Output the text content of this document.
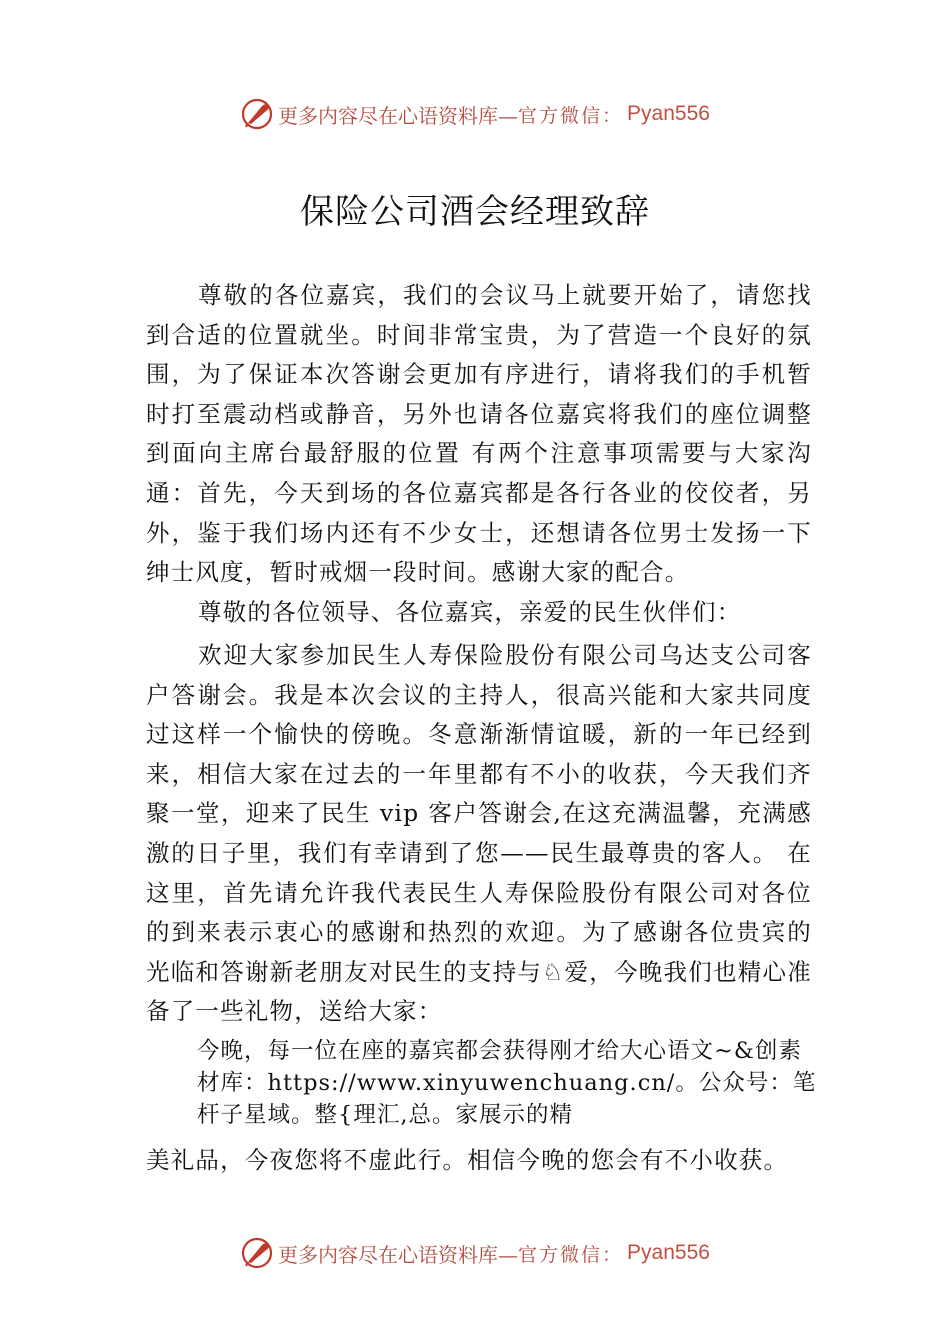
更多内容尽在心语资料库— 官方微信： Pyan556
保险公司酒会经理致辞

尊敬的各位嘉宾，我们的会议马上就要开始了，请您找到合适的位置就坐。时间非常宝贵，为了营造一个良好的氛围，为了保证本次答谢会更加有序进行，请将我们的手机暂时打至震动档或静音，另外也请各位嘉宾将我们的座位调整到面向主席台最舒服的位置 有两个注意事项需要与大家沟通：首先，今天到场的各位嘉宾都是各行各业的佼佼者，另外，鉴于我们场内还有不少女士，还想请各位男士发扬一下绅士风度，暂时戒烟一段时间。感谢大家的配合。

尊敬的各位领导、各位嘉宾，亲爱的民生伙伴们：

欢迎大家参加民生人寿保险股份有限公司乌达支公司客户答谢会。我是本次会议的主持人，很高兴能和大家共同度过这样一个愉快的傍晚。冬意渐渐情谊暖，新的一年已经到来，相信大家在过去的一年里都有不小的收获，今天我们齐聚一堂，迎来了民生 vip 客户答谢会,在这充满温馨，充满感激的日子里，我们有幸请到了您——民生最尊贵的客人。 在这里，首先请允许我代表民生人寿保险股份有限公司对各位的到来表示衷心的感谢和热烈的欢迎。为了感谢各位贵宾的光临和答谢新老朋友对民生的支持与♘爱，今晚我们也精心准备了一些礼物，送给大家：

今晚，每一位在座的嘉宾都会获得刚才给大心语文~&创素材库：https://www.xinyuwenchuang.cn/。公众号：笔杆子星域。整{理汇,总。家展示的精

美礼品，今夜您将不虚此行。相信今晚的您会有不小收获。

更多内容尽在心语资料库— 官方微信： Pyan556
